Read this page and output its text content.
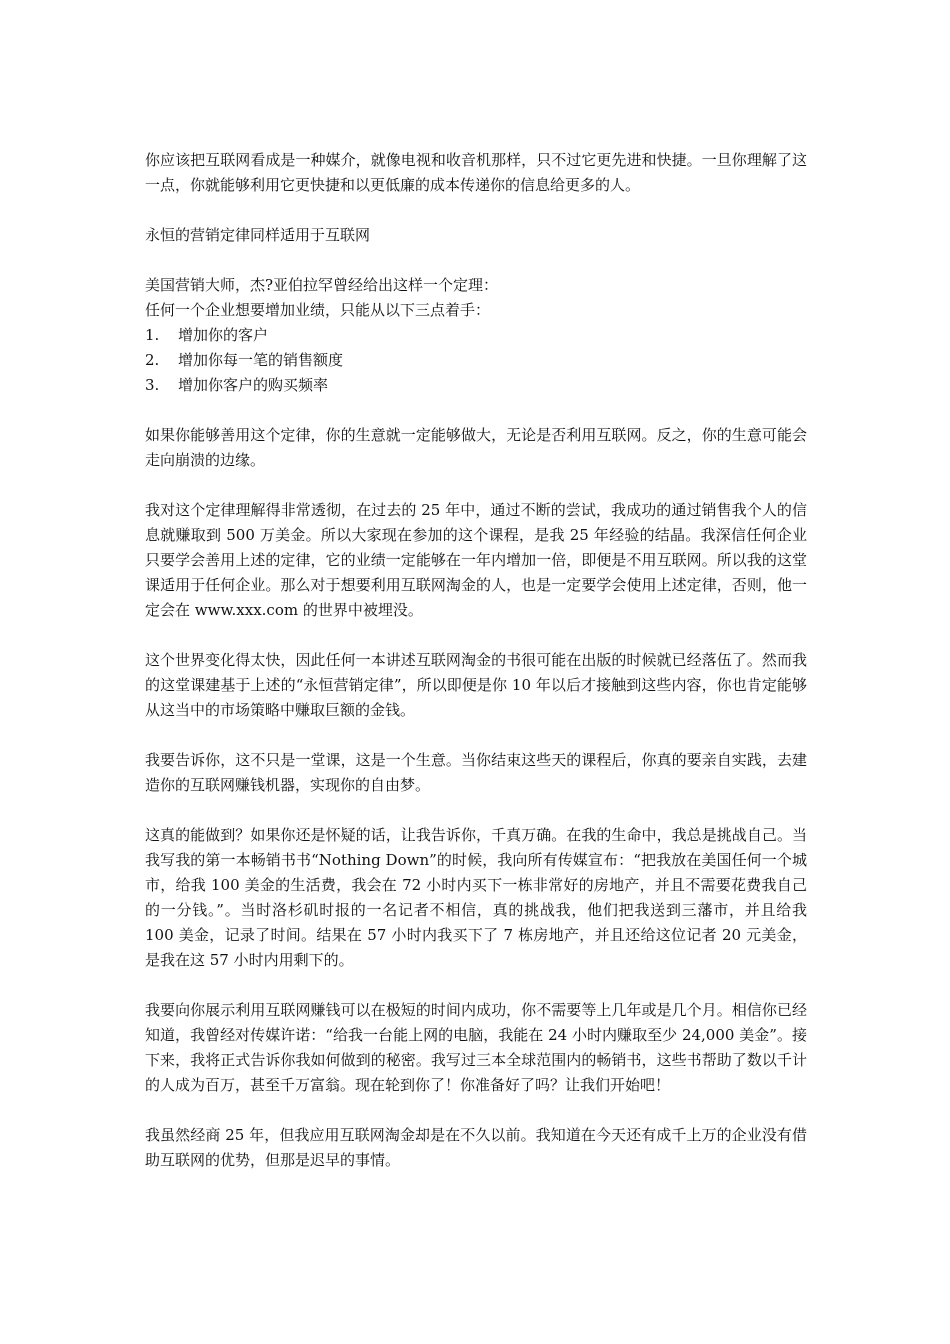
你应该把互联网看成是一种媒介，就像电视和收音机那样，只不过它更先进和快捷。一旦你理解了这一点，你就能够利用它更快捷和以更低廉的成本传递你的信息给更多的人。

永恒的营销定律同样适用于互联网

美国营销大师，杰?亚伯拉罕曾经给出这样一个定理：

任何一个企业想要增加业绩，只能从以下三点着手：

1.	增加你的客户
2.	增加你每一笔的销售额度
3.	增加你客户的购买频率

如果你能够善用这个定律，你的生意就一定能够做大，无论是否利用互联网。反之，你的生意可能会走向崩溃的边缘。

我对这个定律理解得非常透彻，在过去的 25 年中，通过不断的尝试，我成功的通过销售我个人的信息就赚取到 500 万美金。所以大家现在参加的这个课程，是我 25 年经验的结晶。我深信任何企业只要学会善用上述的定律，它的业绩一定能够在一年内增加一倍，即便是不用互联网。所以我的这堂课适用于任何企业。那么对于想要利用互联网淘金的人，也是一定要学会使用上述定律，否则，他一定会在 www.xxx.com 的世界中被埋没。

这个世界变化得太快，因此任何一本讲述互联网淘金的书很可能在出版的时候就已经落伍了。然而我的这堂课建基于上述的“永恒营销定律”，所以即便是你 10 年以后才接触到这些内容，你也肯定能够从这当中的市场策略中赚取巨额的金钱。

我要告诉你，这不只是一堂课，这是一个生意。当你结束这些天的课程后，你真的要亲自实践，去建造你的互联网赚钱机器，实现你的自由梦。

这真的能做到？如果你还是怀疑的话，让我告诉你，千真万确。在我的生命中，我总是挑战自己。当我写我的第一本畅销书书“Nothing Down”的时候，我向所有传媒宣布：“把我放在美国任何一个城市，给我 100 美金的生活费，我会在 72 小时内买下一栋非常好的房地产，并且不需要花费我自己的一分钱。”。当时洛杉矶时报的一名记者不相信，真的挑战我，他们把我送到三藩市，并且给我 100 美金，记录了时间。结果在 57 小时内我买下了 7 栋房地产，并且还给这位记者 20 元美金，是我在这 57 小时内用剩下的。

我要向你展示利用互联网赚钱可以在极短的时间内成功，你不需要等上几年或是几个月。相信你已经知道，我曾经对传媒许诺：“给我一台能上网的电脑，我能在 24 小时内赚取至少 24,000 美金”。接下来，我将正式告诉你我如何做到的秘密。我写过三本全球范围内的畅销书，这些书帮助了数以千计的人成为百万，甚至千万富翁。现在轮到你了！你准备好了吗？让我们开始吧！

我虽然经商 25 年，但我应用互联网淘金却是在不久以前。我知道在今天还有成千上万的企业没有借助互联网的优势，但那是迟早的事情。
